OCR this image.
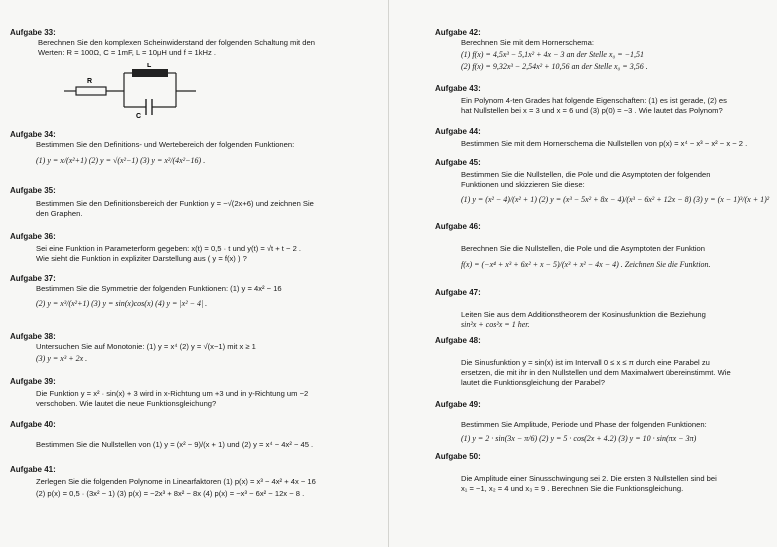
Aufgabe 33:
Berechnen Sie den komplexen Scheinwiderstand der folgenden Schaltung mit den
Werten: R = 100Ω, C = 1mF, L = 10μH und f = 1kHz .
R
L
C
Aufgabe 34:
Bestimmen Sie den Definitions- und Wertebereich der folgenden Funktionen:
(1) y = x/(x²+1) (2) y = √(x²−1) (3) y = x²/(4x²−16) .
Aufgabe 35:
Bestimmen Sie den Definitionsbereich der Funktion y = −√(2x+6) und zeichnen Sie
den Graphen.
Aufgabe 36:
Sei eine Funktion in Parameterform gegeben: x(t) = 0,5 · t und y(t) = √t + t − 2 .
Wie sieht die Funktion in expliziter Darstellung aus ( y = f(x) ) ?
Aufgabe 37:
Bestimmen Sie die Symmetrie der folgenden Funktionen: (1) y = 4x² − 16
(2) y = x³/(x²+1) (3) y = sin(x)cos(x) (4) y = |x² − 4| .
Aufgabe 38:
Untersuchen Sie auf Monotonie: (1) y = x⁴ (2) y = √(x−1) mit x ≥ 1
(3) y = x³ + 2x .
Aufgabe 39:
Die Funktion y = x² · sin(x) + 3 wird in x-Richtung um +3 und in y-Richtung um −2
verschoben. Wie lautet die neue Funktionsgleichung?
Aufgabe 40:
Bestimmen Sie die Nullstellen von (1) y = (x² − 9)/(x + 1) und (2) y = x⁴ − 4x² − 45 .
Aufgabe 41:
Zerlegen Sie die folgenden Polynome in Linearfaktoren (1) p(x) = x³ − 4x² + 4x − 16
(2) p(x) = 0,5 · (3x² − 1) (3) p(x) = −2x³ + 8x² − 8x (4) p(x) = −x³ − 6x² − 12x − 8 .
Aufgabe 42:
Berechnen Sie mit dem Hornerschema:
(1) f(x) = 4,5x³ − 5,1x² + 4x − 3 an der Stelle x₀ = −1,51
(2) f(x) = 9,32x³ − 2,54x² + 10,56 an der Stelle x₀ = 3,56 .
Aufgabe 43:
Ein Polynom 4-ten Grades hat folgende Eigenschaften: (1) es ist gerade, (2) es
hat Nullstellen bei x = 3 und x = 6 und (3) p(0) = −3 . Wie lautet das Polynom?
Aufgabe 44:
Bestimmen Sie mit dem Hornerschema die Nullstellen von p(x) = x⁴ − x³ − x² − x − 2 .
Aufgabe 45:
Bestimmen Sie die Nullstellen, die Pole und die Asymptoten der folgenden
Funktionen und skizzieren Sie diese:
(1) y = (x² − 4)/(x² + 1) (2) y = (x³ − 5x² + 8x − 4)/(x³ − 6x² + 12x − 8) (3) y = (x − 1)³/(x + 1)²
Aufgabe 46:
Berechnen Sie die Nullstellen, die Pole und die Asymptoten der Funktion
f(x) = (−x⁴ + x³ + 6x² + x − 5)/(x³ + x² − 4x − 4) . Zeichnen Sie die Funktion.
Aufgabe 47:
Leiten Sie aus dem Additionstheorem der Kosinusfunktion die Beziehung
sin²x + cos²x = 1 her.
Aufgabe 48:
Die Sinusfunktion y = sin(x) ist im Intervall 0 ≤ x ≤ π durch eine Parabel zu
ersetzen, die mit ihr in den Nullstellen und dem Maximalwert übereinstimmt. Wie
lautet die Funktionsgleichung der Parabel?
Aufgabe 49:
Bestimmen Sie Amplitude, Periode und Phase der folgenden Funktionen:
(1) y = 2 · sin(3x − π/6) (2) y = 5 · cos(2x + 4.2) (3) y = 10 · sin(πx − 3π)
Aufgabe 50:
Die Amplitude einer Sinusschwingung sei 2. Die ersten 3 Nullstellen sind bei
x₁ = −1, x₂ = 4 und x₃ = 9 . Berechnen Sie die Funktionsgleichung.
